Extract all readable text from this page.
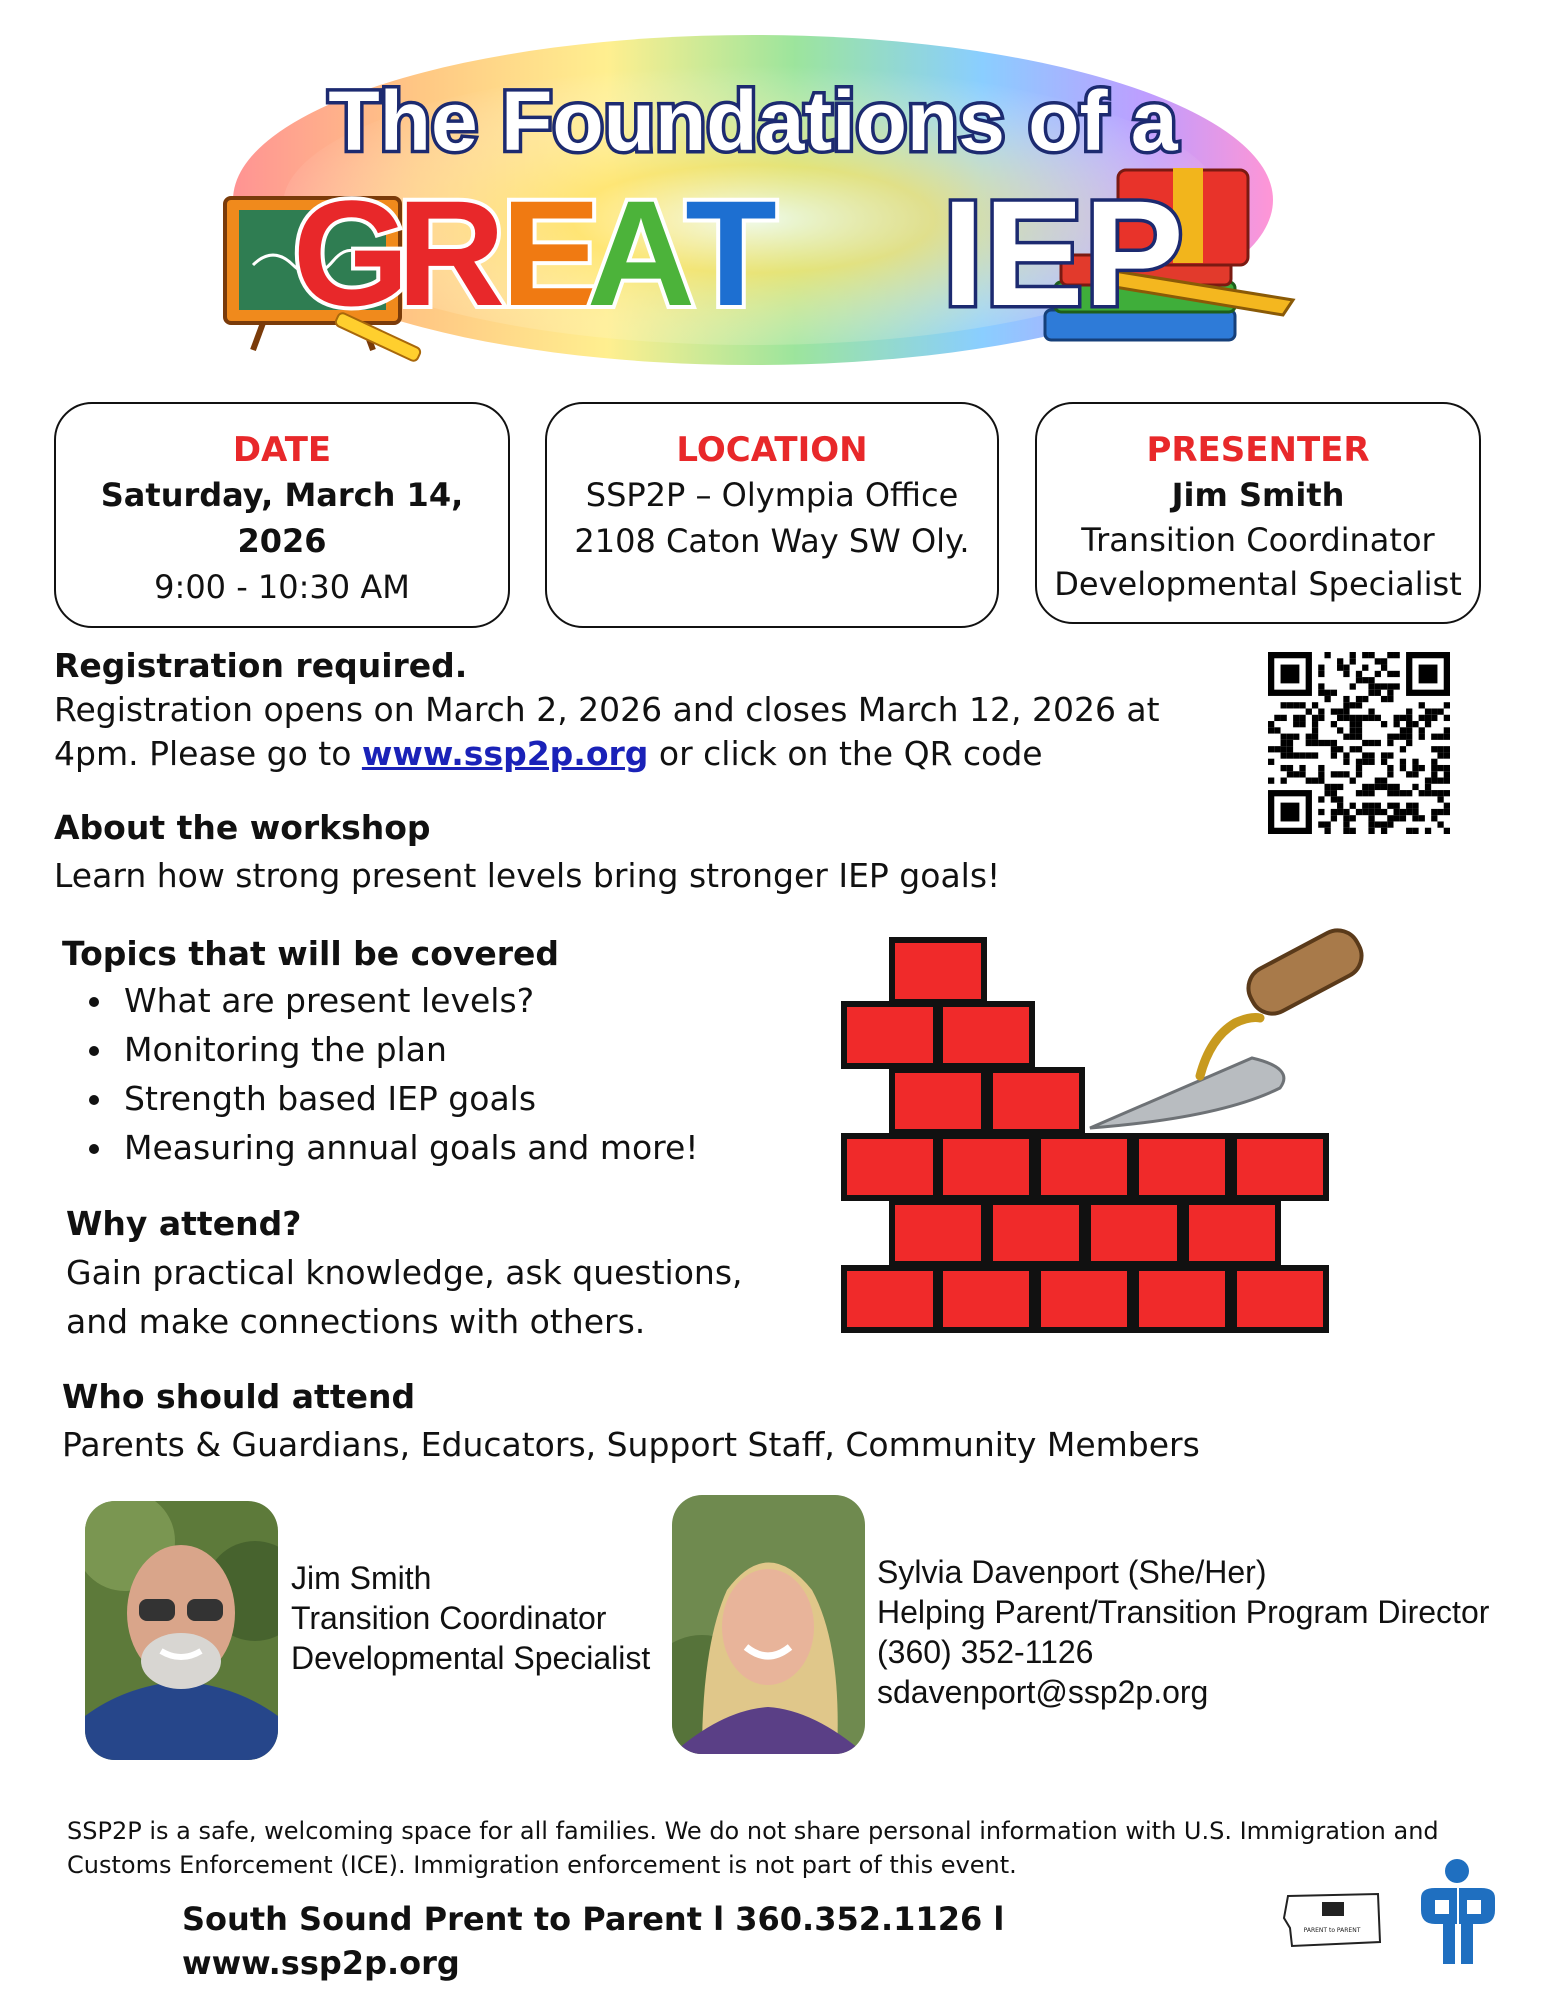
The Foundations of a
G
R
E
A
T IEP
DATE
Saturday, March 14, 2026
9:00 - 10:30 AM
LOCATION
SSP2P – Olympia Office
2108 Caton Way SW Oly.
PRESENTER
Jim Smith
Transition Coordinator
Developmental Specialist
Registration required.
Registration opens on March 2, 2026 and closes March 12, 2026 at
4pm. Please go to www.ssp2p.org or click on the QR code
About the workshop
Learn how strong present levels bring stronger IEP goals!
Topics that will be covered
What are present levels?
Monitoring the plan
Strength based IEP goals
Measuring annual goals and more!
Why attend?
Gain practical knowledge, ask questions,
and make connections with others.
Who should attend
Parents & Guardians, Educators, Support Staff, Community Members
Jim Smith
Transition Coordinator
Developmental Specialist
Sylvia Davenport (She/Her)
Helping Parent/Transition Program Director
(360) 352-1126
sdavenport@ssp2p.org
SSP2P is a safe, welcoming space for all families. We do not share personal information with U.S. Immigration and
Customs Enforcement (ICE). Immigration enforcement is not part of this event.
South Sound Prent to Parent l 360.352.1126 l www.ssp2p.org
PARENT to PARENT
